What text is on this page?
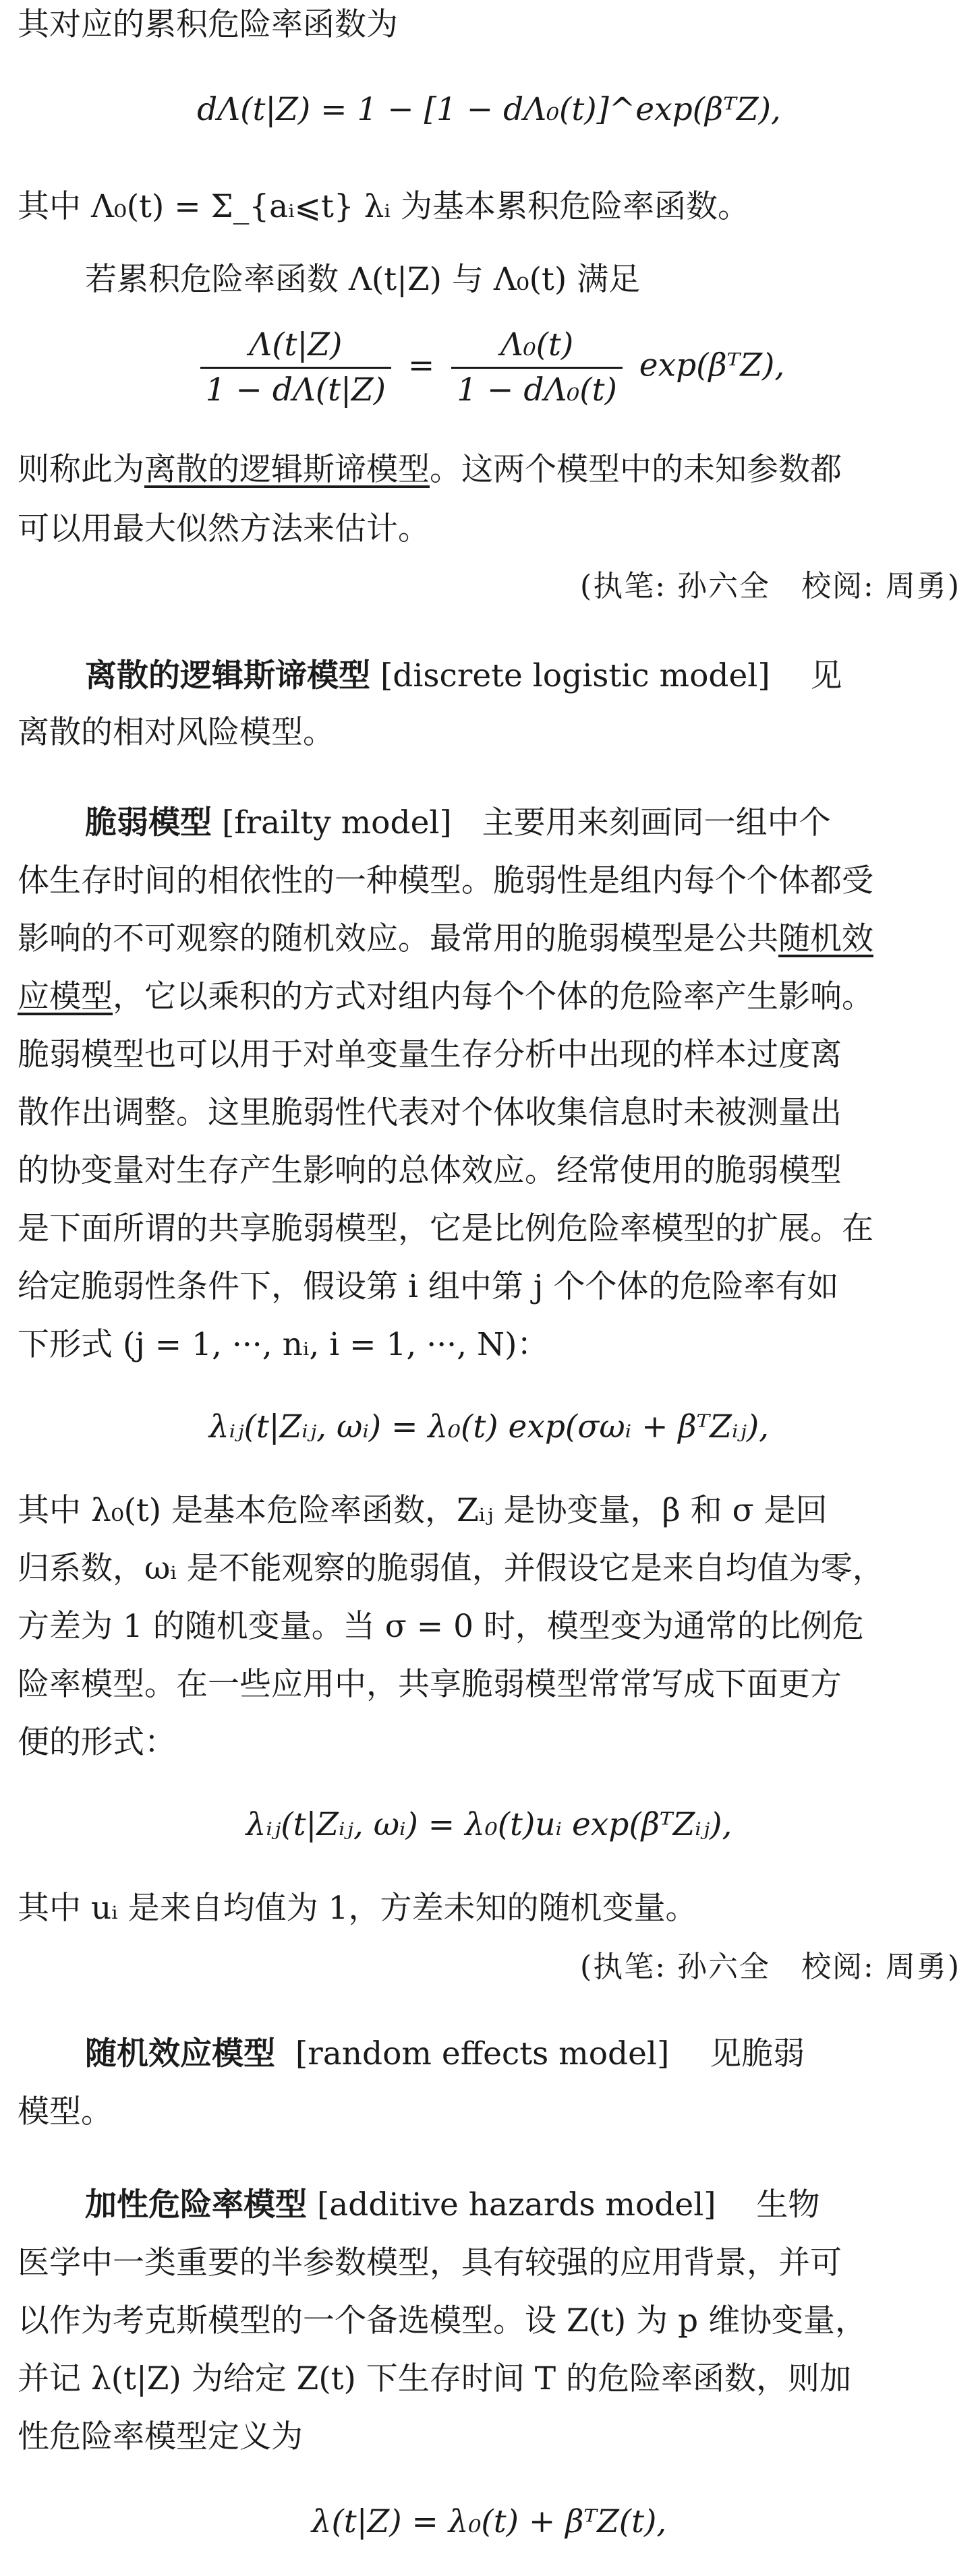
其对应的累积危险率函数为
dΛ(t|Z) = 1 − [1 − dΛ₀(t)]^exp(βᵀZ),
其中 Λ₀(t) = Σ_{aᵢ⩽t} λᵢ 为基本累积危险率函数。
若累积危险率函数 Λ(t|Z) 与 Λ₀(t) 满足
$\frac{\Lambda(t|Z)}{1 - d\Lambda(t|Z)} = \frac{\text{Λ₀(t)}}{\text{1 − dΛ₀(t)}}$ exp(βᵀZ),
则称此为离散的逻辑斯谛模型。这两个模型中的未知参数都
可以用最大似然方法来估计。
(执笔: 孙六全　校阅: 周勇)
离散的逻辑斯谛模型 [discrete logistic model] 见
离散的相对风险模型。
脆弱模型 [frailty model] 主要用来刻画同一组中个
体生存时间的相依性的一种模型。脆弱性是组内每个个体都受
影响的不可观察的随机效应。最常用的脆弱模型是公共随机效
应模型，它以乘积的方式对组内每个个体的危险率产生影响。
脆弱模型也可以用于对单变量生存分析中出现的样本过度离
散作出调整。这里脆弱性代表对个体收集信息时未被测量出
的协变量对生存产生影响的总体效应。经常使用的脆弱模型
是下面所谓的共享脆弱模型，它是比例危险率模型的扩展。在
给定脆弱性条件下，假设第 i 组中第 j 个个体的危险率有如
下形式 (j = 1, ···, nᵢ, i = 1, ···, N)：
λᵢⱼ(t|Zᵢⱼ, ωᵢ) = λ₀(t) exp(σωᵢ + βᵀZᵢⱼ),
其中 λ₀(t) 是基本危险率函数，Zᵢⱼ 是协变量，β 和 σ 是回
归系数，ωᵢ 是不能观察的脆弱值，并假设它是来自均值为零，
方差为 1 的随机变量。当 σ = 0 时，模型变为通常的比例危
险率模型。在一些应用中，共享脆弱模型常常写成下面更方
便的形式：
λᵢⱼ(t|Zᵢⱼ, ωᵢ) = λ₀(t)uᵢ exp(βᵀZᵢⱼ),
其中 uᵢ 是来自均值为 1，方差未知的随机变量。
(执笔: 孙六全　校阅: 周勇)
随机效应模型 [random effects model] 见脆弱
模型。
加性危险率模型 [additive hazards model] 生物
医学中一类重要的半参数模型，具有较强的应用背景，并可
以作为考克斯模型的一个备选模型。设 Z(t) 为 p 维协变量，
并记 λ(t|Z) 为给定 Z(t) 下生存时间 T 的危险率函数，则加
性危险率模型定义为
λ(t|Z) = λ₀(t) + βᵀZ(t),
